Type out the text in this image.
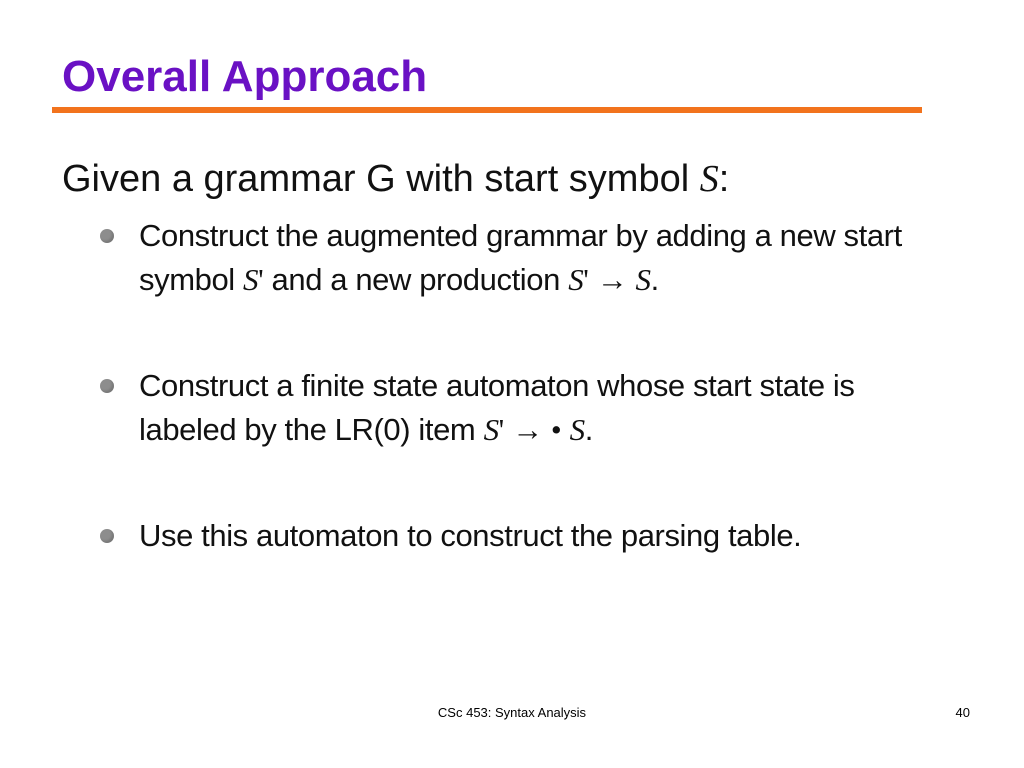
Overall Approach

Given a grammar G with start symbol S:

Construct the augmented grammar by adding a new start
symbol S' and a new production S' → S.

Construct a finite state automaton whose start state is
labeled by the LR(0) item S' → • S.

Use this automaton to construct the parsing table.

CSc 453: Syntax Analysis	40
